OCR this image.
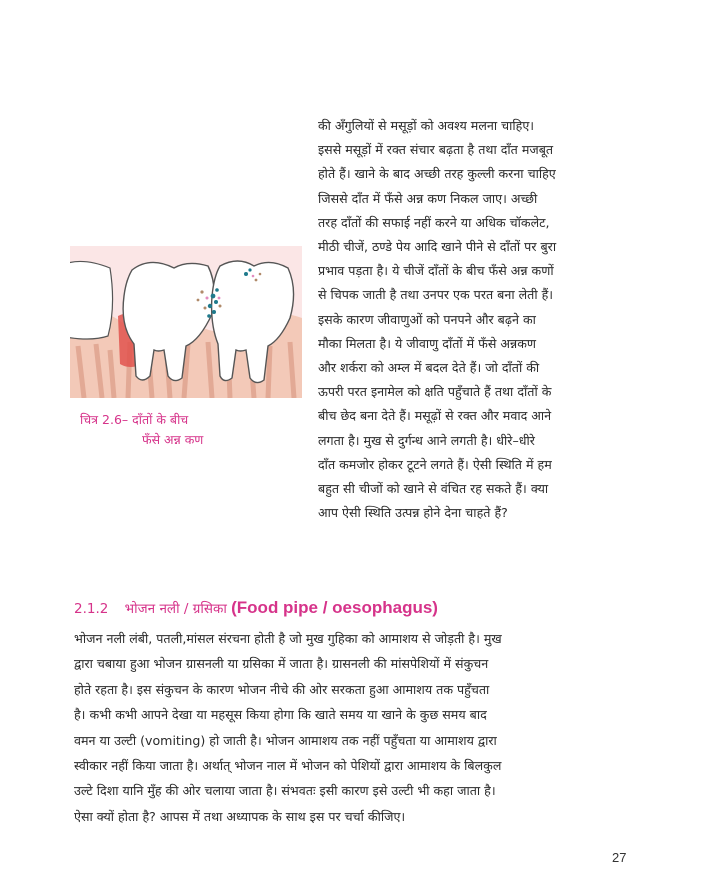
की अँगुलियों से मसूड़ों को अवश्य मलना चाहिए।
इससे मसूड़ों में रक्त संचार बढ़ता है तथा दाँत मजबूत
होते हैं। खाने के बाद अच्छी तरह कुल्ली करना चाहिए
जिससे दाँत में फँसे अन्न कण निकल जाए। अच्छी
तरह दाँतों की सफाई नहीं करने या अधिक चॉकलेट,
मीठी चीजें, ठण्डे पेय आदि खाने पीने से दाँतों पर बुरा
प्रभाव पड़ता है। ये चीजें दाँतों के बीच फँसे अन्न कणों
से चिपक जाती है तथा उनपर एक परत बना लेती हैं।
इसके कारण जीवाणुओं को पनपने और बढ़ने का
मौका मिलता है। ये जीवाणु दाँतों में फँसे अन्नकण
और शर्करा को अम्ल में बदल देते हैं। जो दाँतों की
ऊपरी परत इनामेल को क्षति पहुँचाते हैं तथा दाँतों के
बीच छेद बना देते हैं। मसूढ़ों से रक्त और मवाद आने
लगता है। मुख से दुर्गन्ध आने लगती है। धीरे–धीरे
दाँत कमजोर होकर टूटने लगते हैं। ऐसी स्थिति में हम
बहुत सी चीजों को खाने से वंचित रह सकते हैं। क्या
आप ऐसी स्थिति उत्पन्न होने देना चाहते हैं?
चित्र 2.6– दाँतों के बीच
फँसे अन्न कण
2.1.2 भोजन नली / ग्रसिका (Food pipe / oesophagus)
भोजन नली लंबी, पतली,मांसल संरचना होती है जो मुख गुहिका को आमाशय से जोड़ती है। मुख
द्वारा चबाया हुआ भोजन ग्रासनली या ग्रसिका में जाता है। ग्रासनली की मांसपेशियों में संकुचन
होते रहता है। इस संकुचन के कारण भोजन नीचे की ओर सरकता हुआ आमाशय तक पहुँचता
है। कभी कभी आपने देखा या महसूस किया होगा कि खाते समय या खाने के कुछ समय बाद
वमन या उल्टी (vomiting) हो जाती है। भोजन आमाशय तक नहीं पहुँचता या आमाशय द्वारा
स्वीकार नहीं किया जाता है। अर्थात् भोजन नाल में भोजन को पेशियों द्वारा आमाशय के बिलकुल
उल्टे दिशा यानि मुँह की ओर चलाया जाता है। संभवतः इसी कारण इसे उल्टी भी कहा जाता है।
ऐसा क्यों होता है? आपस में तथा अध्यापक के साथ इस पर चर्चा कीजिए।
27
